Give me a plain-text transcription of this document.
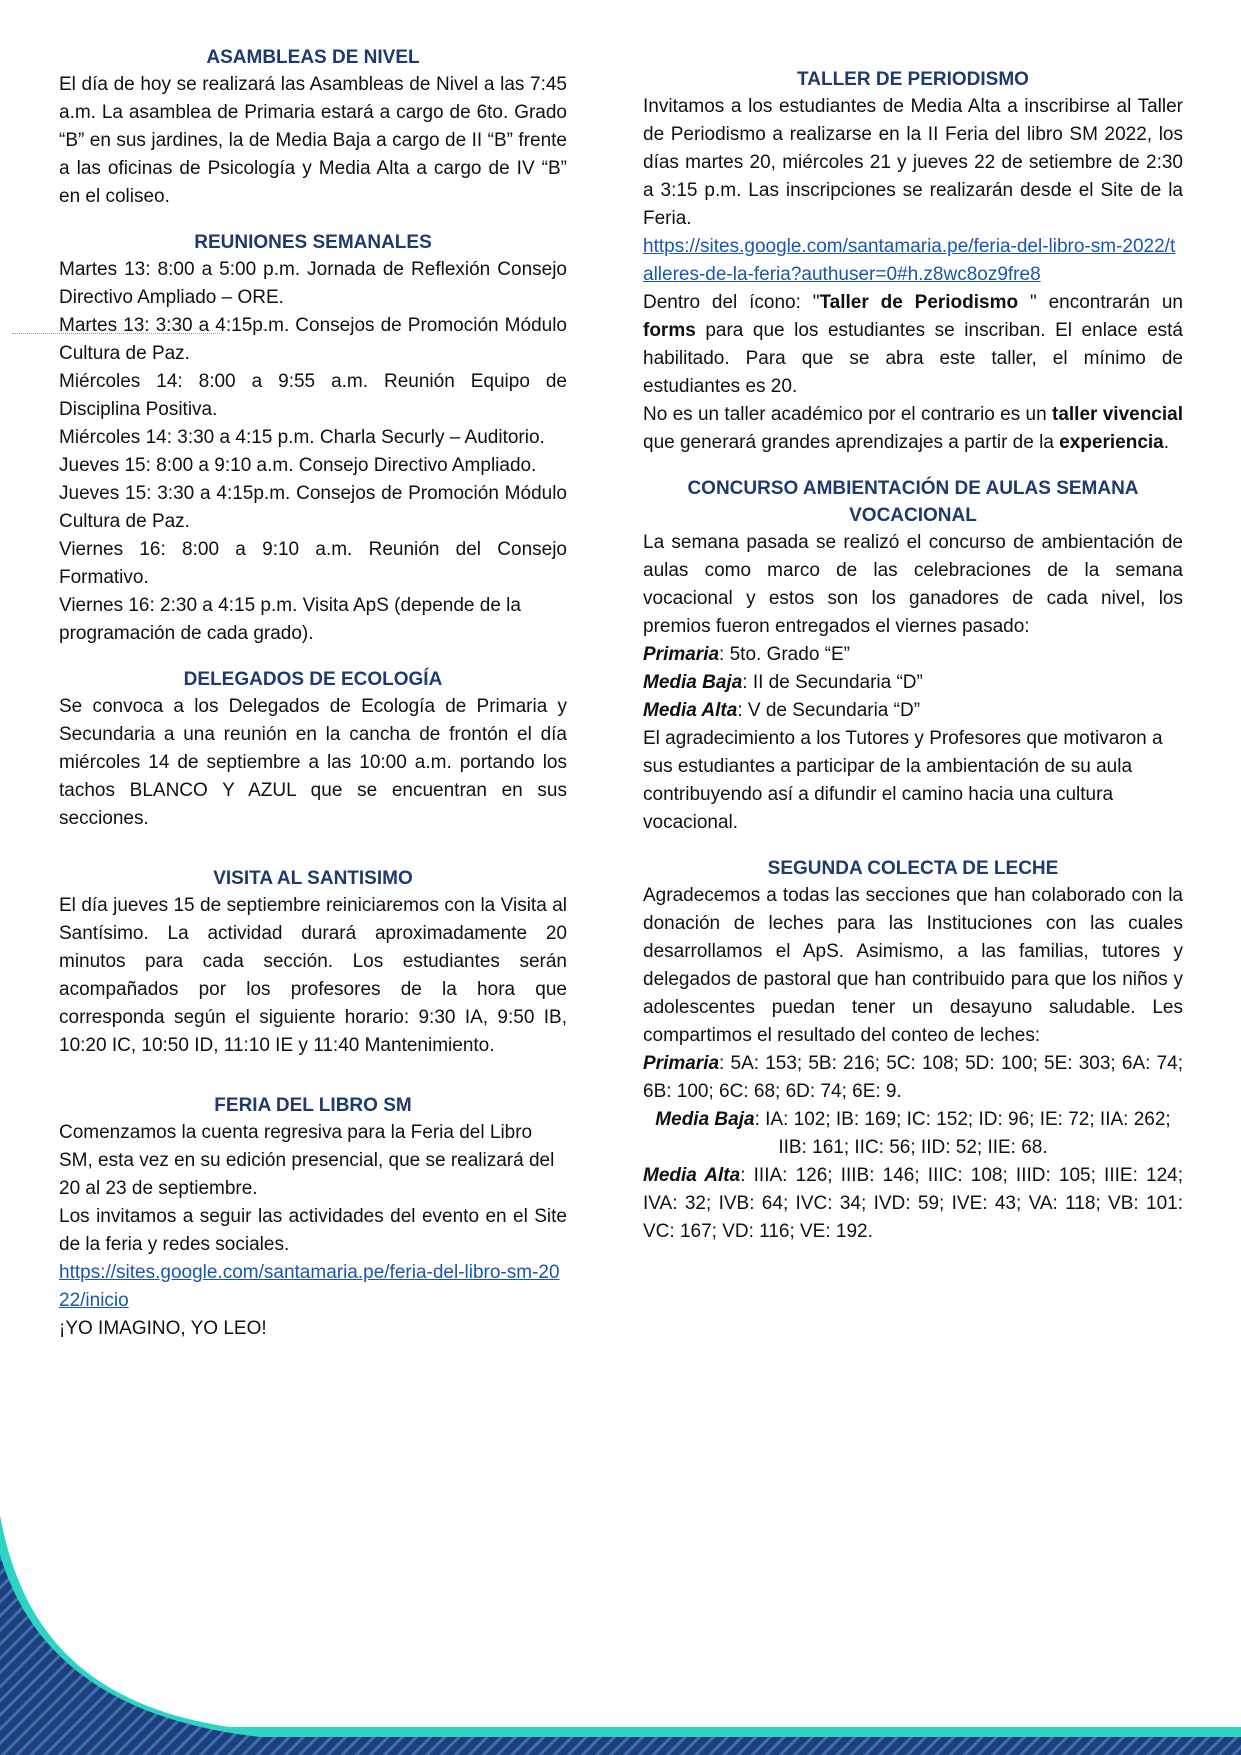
ASAMBLEAS DE NIVEL

El día de hoy se realizará las Asambleas de Nivel a las 7:45 a.m. La asamblea de Primaria estará a cargo de 6to. Grado “B” en sus jardines, la de Media Baja a cargo de II “B” frente a las oficinas de Psicología y Media Alta a cargo de IV “B” en el coliseo.

REUNIONES SEMANALES

Martes 13: 8:00 a 5:00 p.m. Jornada de Reflexión Consejo Directivo Ampliado – ORE.

Martes 13: 3:30 a 4:15p.m. Consejos de Promoción Módulo Cultura de Paz.

Miércoles 14: 8:00 a 9:55 a.m. Reunión Equipo de Disciplina Positiva.

Miércoles 14: 3:30 a 4:15 p.m. Charla Securly – Auditorio.

Jueves 15: 8:00 a 9:10 a.m. Consejo Directivo Ampliado.

Jueves 15: 3:30 a 4:15p.m. Consejos de Promoción Módulo Cultura de Paz.

Viernes 16: 8:00 a 9:10 a.m. Reunión del Consejo Formativo.

Viernes 16: 2:30 a 4:15 p.m. Visita ApS (depende de la programación de cada grado).

DELEGADOS DE ECOLOGÍA

Se convoca a los Delegados de Ecología de Primaria y Secundaria a una reunión en la cancha de frontón el día miércoles 14 de septiembre a las 10:00 a.m. portando los tachos BLANCO Y AZUL que se encuentran en sus secciones.

VISITA AL SANTISIMO

El día jueves 15 de septiembre reiniciaremos con la Visita al Santísimo. La actividad durará aproximadamente 20 minutos para cada sección. Los estudiantes serán acompañados por los profesores de la hora que corresponda según el siguiente horario: 9:30 IA, 9:50 IB, 10:20 IC, 10:50 ID, 11:10 IE y 11:40 Mantenimiento.

FERIA DEL LIBRO SM

Comenzamos la cuenta regresiva para la Feria del Libro SM, esta vez en su edición presencial, que se realizará del 20 al 23 de septiembre.

Los invitamos a seguir las actividades del evento en el Site de la feria y redes sociales.

https://sites.google.com/santamaria.pe/feria-del-libro-sm-2022/inicio

¡YO IMAGINO, YO LEO!

TALLER DE PERIODISMO

Invitamos a los estudiantes de Media Alta a inscribirse al Taller de Periodismo a realizarse en la II Feria del libro SM 2022, los días martes 20, miércoles 21 y jueves 22 de setiembre de 2:30 a 3:15 p.m. Las inscripciones se realizarán desde el Site de la Feria.

https://sites.google.com/santamaria.pe/feria-del-libro-sm-2022/talleres-de-la-feria?authuser=0#h.z8wc8oz9fre8

Dentro del ícono: "Taller de Periodismo " encontrarán un forms para que los estudiantes se inscriban. El enlace está habilitado. Para que se abra este taller, el mínimo de estudiantes es 20.

No es un taller académico por el contrario es un taller vivencial que generará grandes aprendizajes a partir de la experiencia.

CONCURSO AMBIENTACIÓN DE AULAS SEMANA VOCACIONAL

La semana pasada se realizó el concurso de ambientación de aulas como marco de las celebraciones de la semana vocacional y estos son los ganadores de cada nivel, los premios fueron entregados el viernes pasado:

Primaria: 5to. Grado “E”

Media Baja: II de Secundaria “D”

Media Alta: V de Secundaria “D”

El agradecimiento a los Tutores y Profesores que motivaron a sus estudiantes a participar de la ambientación de su aula contribuyendo así a difundir el camino hacia una cultura vocacional.

SEGUNDA COLECTA DE LECHE

Agradecemos a todas las secciones que han colaborado con la donación de leches para las Instituciones con las cuales desarrollamos el ApS. Asimismo, a las familias, tutores y delegados de pastoral que han contribuido para que los niños y adolescentes puedan tener un desayuno saludable. Les compartimos el resultado del conteo de leches:

Primaria: 5A: 153; 5B: 216; 5C: 108; 5D: 100; 5E: 303; 6A: 74; 6B: 100; 6C: 68; 6D: 74; 6E: 9.

Media Baja: IA: 102; IB: 169; IC: 152; ID: 96; IE: 72; IIA: 262; IIB: 161; IIC: 56; IID: 52; IIE: 68.

Media Alta: IIIA: 126; IIIB: 146; IIIC: 108; IIID: 105; IIIE: 124; IVA: 32; IVB: 64; IVC: 34; IVD: 59; IVE: 43; VA: 118; VB: 101: VC: 167; VD: 116; VE: 192.
